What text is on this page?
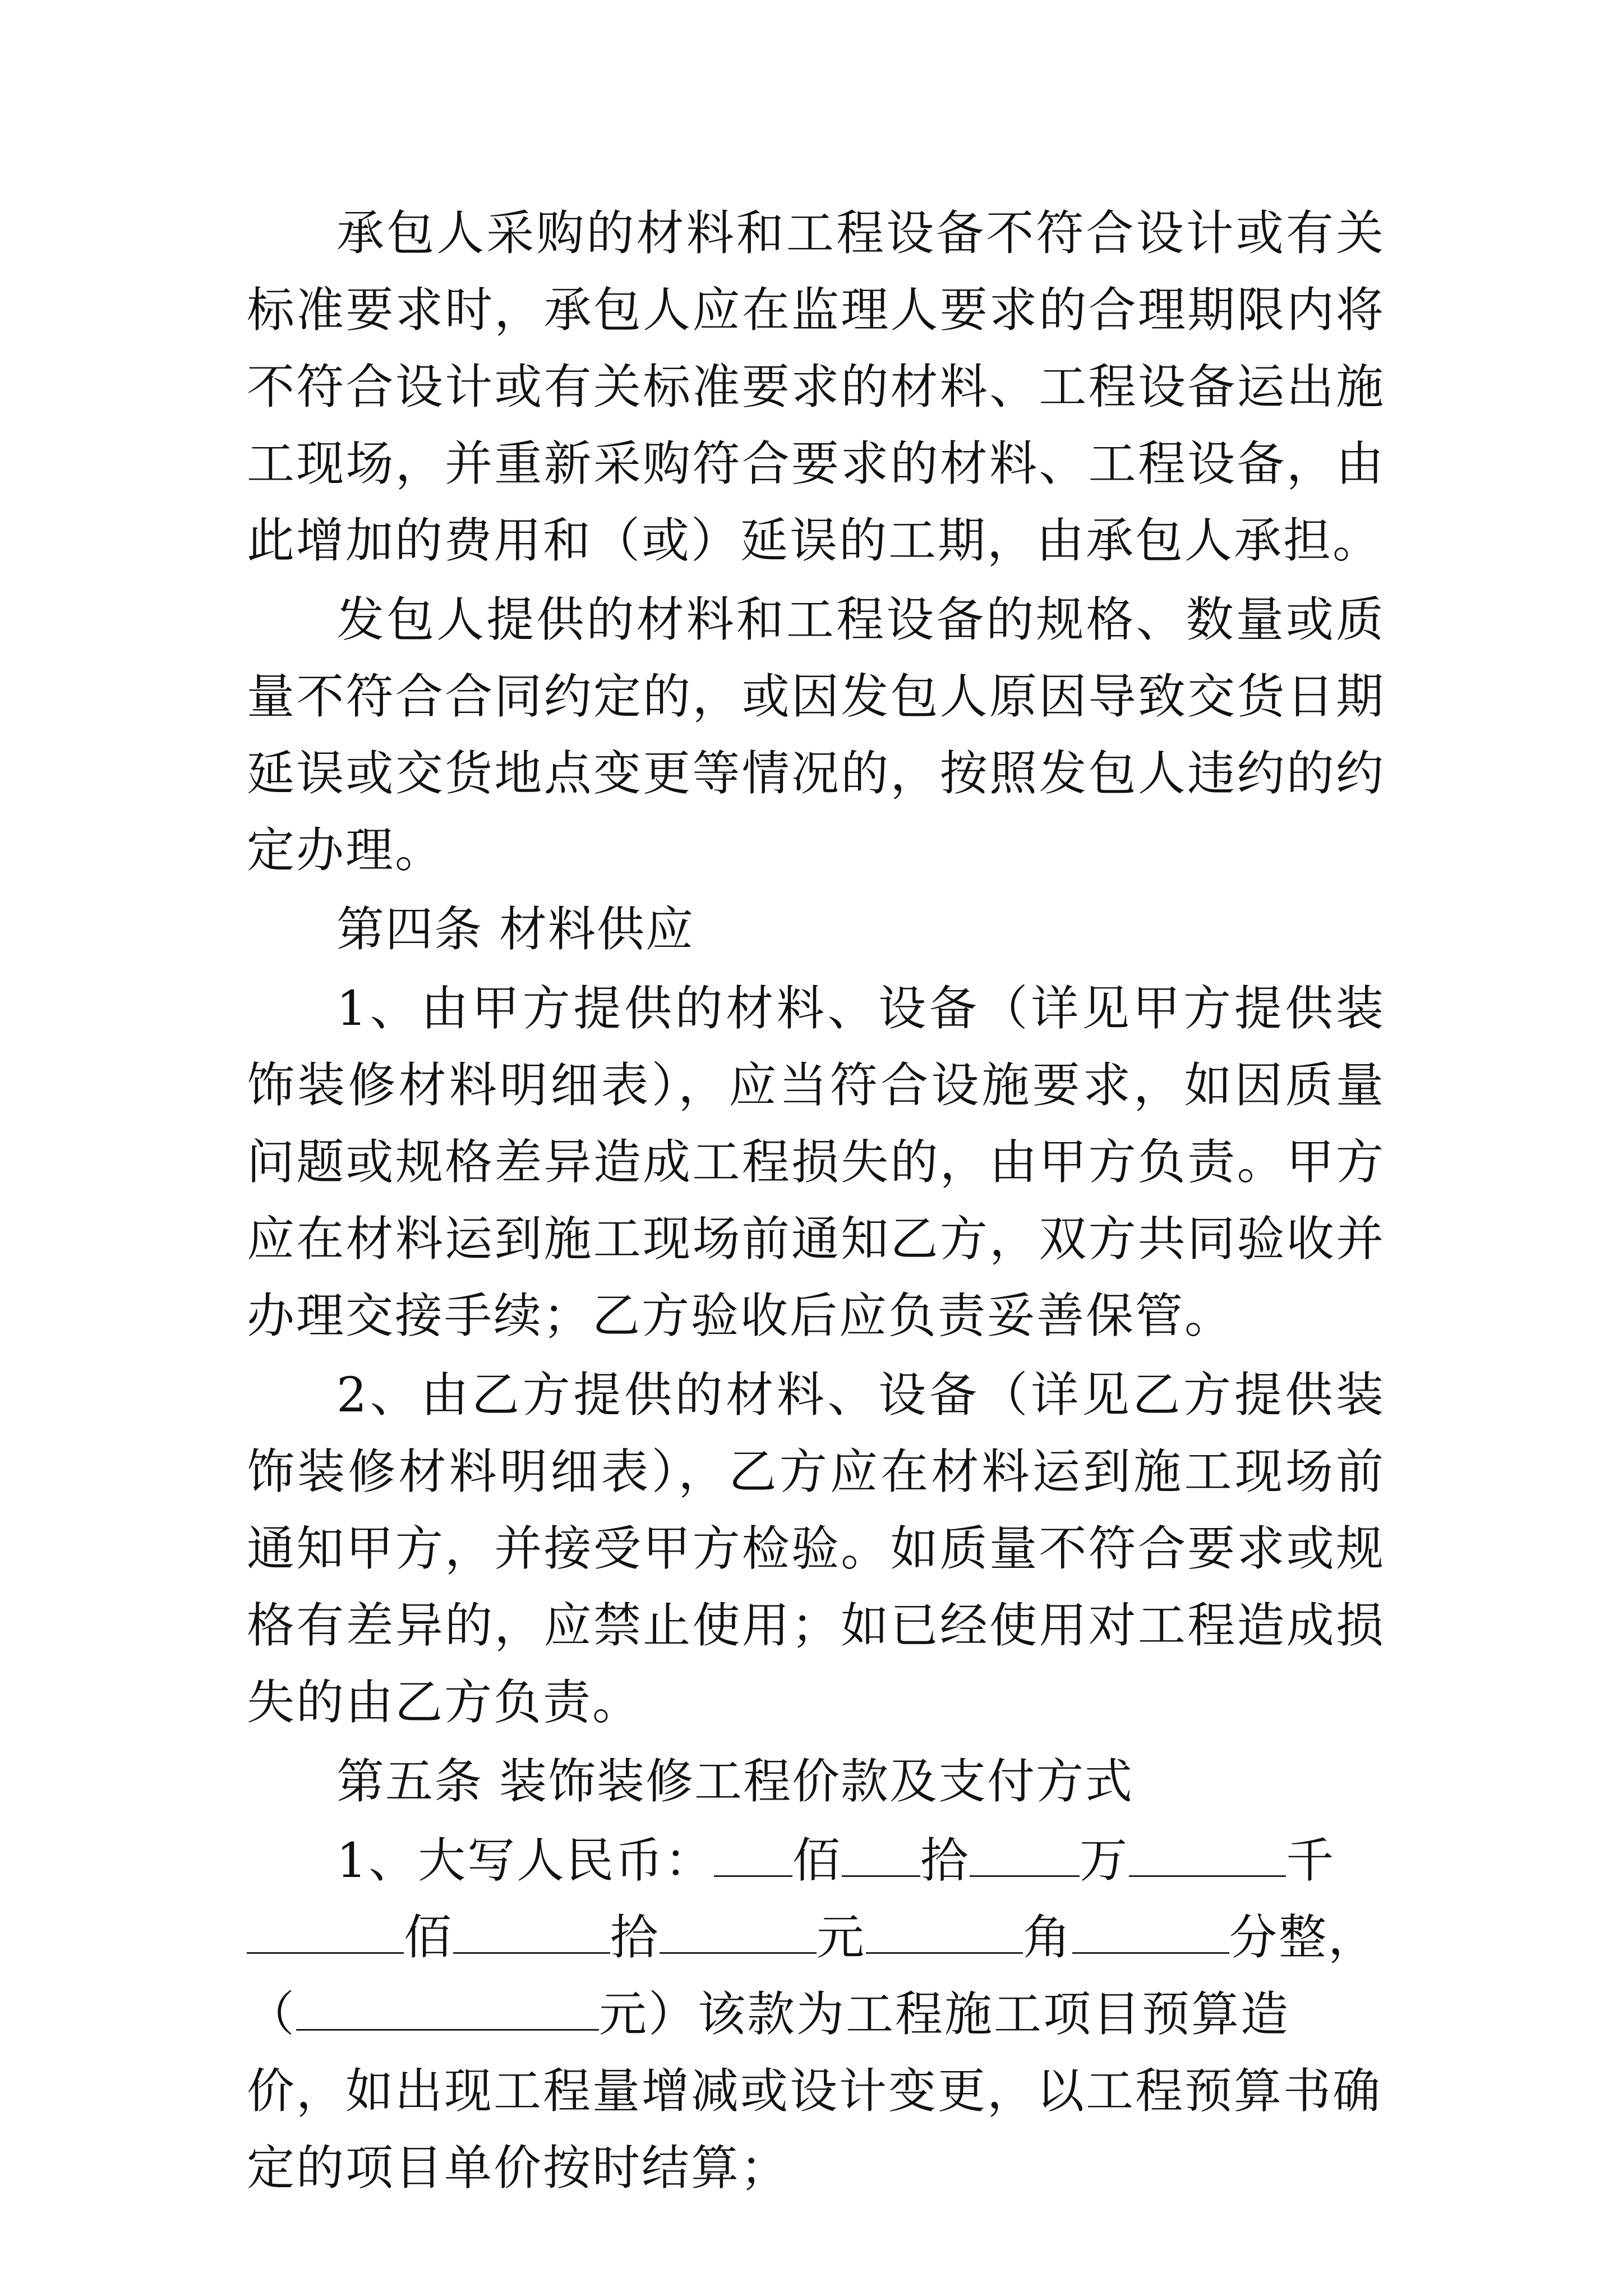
承包人采购的材料和工程设备不符合设计或有关标准要求时，承包人应在监理人要求的合理期限内将不符合设计或有关标准要求的材料、工程设备运出施工现场，并重新采购符合要求的材料、工程设备，由此增加的费用和（或）延误的工期，由承包人承担。

发包人提供的材料和工程设备的规格、数量或质量不符合合同约定的，或因发包人原因导致交货日期延误或交货地点变更等情况的，按照发包人违约的约定办理。

第四条 材料供应

1、由甲方提供的材料、设备（详见甲方提供装饰装修材料明细表），应当符合设施要求，如因质量问题或规格差异造成工程损失的，由甲方负责。甲方应在材料运到施工现场前通知乙方，双方共同验收并办理交接手续；乙方验收后应负责妥善保管。

2、由乙方提供的材料、设备（详见乙方提供装饰装修材料明细表），乙方应在材料运到施工现场前通知甲方，并接受甲方检验。如质量不符合要求或规格有差异的，应禁止使用；如已经使用对工程造成损失的由乙方负责。

第五条 装饰装修工程价款及支付方式

1、大写人民币： 佰 拾 万	千佰	拾	元	角	分整，（	元）该款为工程施工项目预算造价，如出现工程量增减或设计变更，以工程预算书确定的项目单价按时结算；
